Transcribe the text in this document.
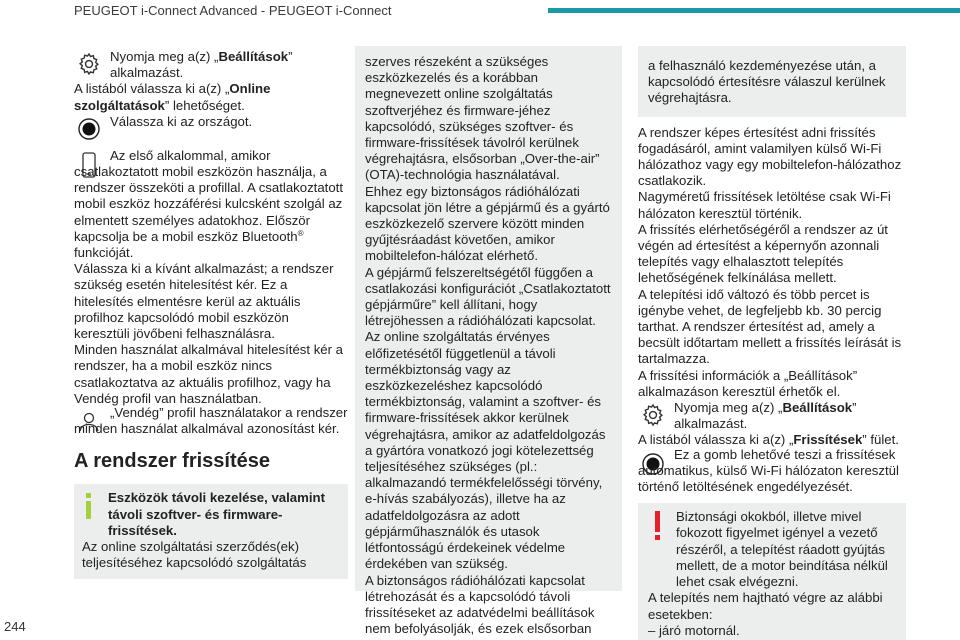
PEUGEOT i-Connect Advanced - PEUGEOT i-Connect

Nyomja meg a(z) „Beállítások” alkalmazást.

A listából válassza ki a(z) „Online szolgáltatások” lehetőséget.

Válassza ki az országot.

Az első alkalommal, amikor csatlakoztatott mobil eszközön használja, a rendszer összeköti a profillal. A csatlakoztatott mobil eszköz hozzáférési kulcsként szolgál az elmentett személyes adatokhoz. Először kapcsolja be a mobil eszköz Bluetooth® funkcióját.

Válassza ki a kívánt alkalmazást; a rendszer szükség esetén hitelesítést kér. Ez a hitelesítés elmentésre kerül az aktuális profilhoz kapcsolódó mobil eszközön keresztüli jövőbeni felhasználásra.

Minden használat alkalmával hitelesítést kér a rendszer, ha a mobil eszköz nincs csatlakoztatva az aktuális profilhoz, vagy ha Vendég profil van használatban.

„Vendég” profil használatakor a rendszer minden használat alkalmával azonosítást kér.

A rendszer frissítése

Eszközök távoli kezelése, valamint távoli szoftver- és firmware-frissítések.

Az online szolgáltatási szerződés(ek) teljesítéséhez kapcsolódó szolgáltatás

szerves részeként a szükséges eszközkezelés és a korábban megnevezett online szolgáltatás szoftverjéhez és firmware-jéhez kapcsolódó, szükséges szoftver- és firmware-frissítések távolról kerülnek végrehajtásra, elsősorban „Over-the-air” (OTA)-technológia használatával.

Ehhez egy biztonságos rádióhálózati kapcsolat jön létre a gépjármű és a gyártó eszközkezelő szervere között minden gyűjtésráadást követően, amikor mobiltelefon-hálózat elérhető.

A gépjármű felszereltségétől függően a csatlakozási konfigurációt „Csatlakoztatott gépjárműre” kell állítani, hogy létrejöhessen a rádióhálózati kapcsolat.

Az online szolgáltatás érvényes előfizetésétől függetlenül a távoli termékbiztonság vagy az eszközkezeléshez kapcsolódó termékbiztonság, valamint a szoftver- és firmware-frissítések akkor kerülnek végrehajtásra, amikor az adatfeldolgozás a gyártóra vonatkozó jogi kötelezettség teljesítéséhez szükséges (pl.: alkalmazandó termékfelelősségi törvény, e-hívás szabályozás), illetve ha az adatfeldolgozásra az adott gépjárműhasználók és utasok létfontosságú érdekeinek védelme érdekében van szükség.

A biztonságos rádióhálózati kapcsolat létrehozását és a kapcsolódó távoli frissítéseket az adatvédelmi beállítások nem befolyásolják, és ezek elsősorban

a felhasználó kezdeményezése után, a kapcsolódó értesítésre válaszul kerülnek végrehajtásra.

A rendszer képes értesítést adni frissítés fogadásáról, amint valamilyen külső Wi-Fi hálózathoz vagy egy mobiltelefon-hálózathoz csatlakozik.

Nagyméretű frissítések letöltése csak Wi-Fi hálózaton keresztül történik.

A frissítés elérhetőségéről a rendszer az út végén ad értesítést a képernyőn azonnali telepítés vagy elhalasztott telepítés lehetőségének felkínálása mellett.

A telepítési idő változó és több percet is igénybe vehet, de legfeljebb kb. 30 percig tarthat. A rendszer értesítést ad, amely a becsült időtartam mellett a frissítés leírását is tartalmazza.

A frissítési információk a „Beállítások” alkalmazáson keresztül érhetők el.

Nyomja meg a(z) „Beállítások” alkalmazást.

A listából válassza ki a(z) „Frissítések” fület.

Ez a gomb lehetővé teszi a frissítések automatikus, külső Wi-Fi hálózaton keresztül történő letöltésének engedélyezését.

Biztonsági okokból, illetve mivel fokozott figyelmet igényel a vezető részéről, a telepítést ráadott gyújtás mellett, de a motor beindítása nélkül lehet csak elvégezni.

A telepítés nem hajtható végre az alábbi esetekben:

– járó motornál.

244
